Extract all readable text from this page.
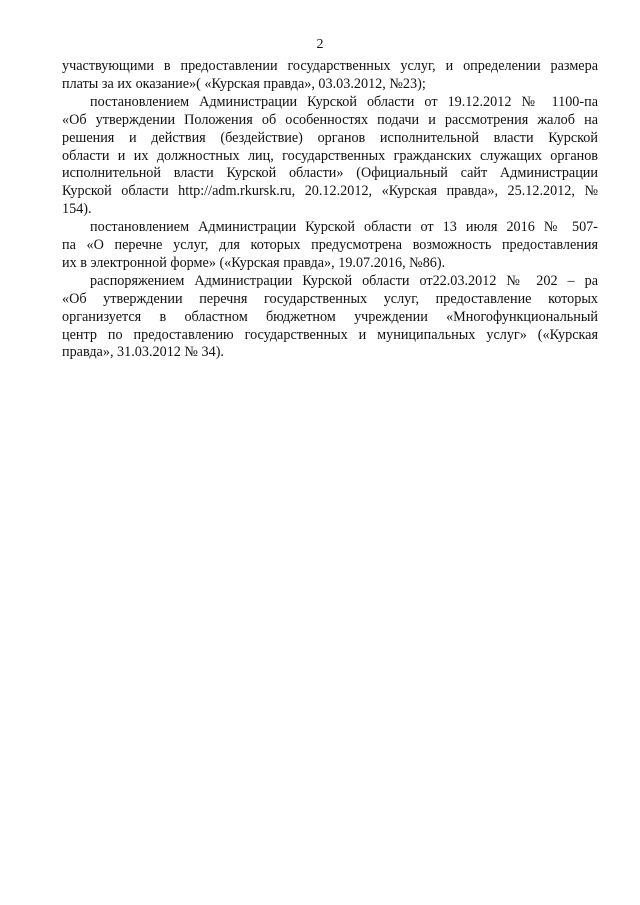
2

участвующими в предоставлении государственных услуг, и определении размера
платы за их оказание»( «Курская правда», 03.03.2012, №23);

постановлением Администрации Курской области от 19.12.2012 № 1100-па
«Об утверждении Положения об особенностях подачи и рассмотрения жалоб на
решения и действия (бездействие) органов исполнительной власти Курской
области и их должностных лиц, государственных гражданских служащих органов
исполнительной власти Курской области» (Официальный сайт Администрации
Курской области http://adm.rkursk.ru, 20.12.2012, «Курская правда», 25.12.2012, №
154).

постановлением Администрации Курской области от 13 июля 2016 № 507-
па «О перечне услуг, для которых предусмотрена возможность предоставления
их в электронной форме» («Курская правда», 19.07.2016, №86).

распоряжением Администрации Курской области от22.03.2012 № 202 – ра
«Об утверждении перечня государственных услуг, предоставление которых
организуется в областном бюджетном учреждении «Многофункциональный
центр по предоставлению государственных и муниципальных услуг» («Курская
правда», 31.03.2012 № 34).
